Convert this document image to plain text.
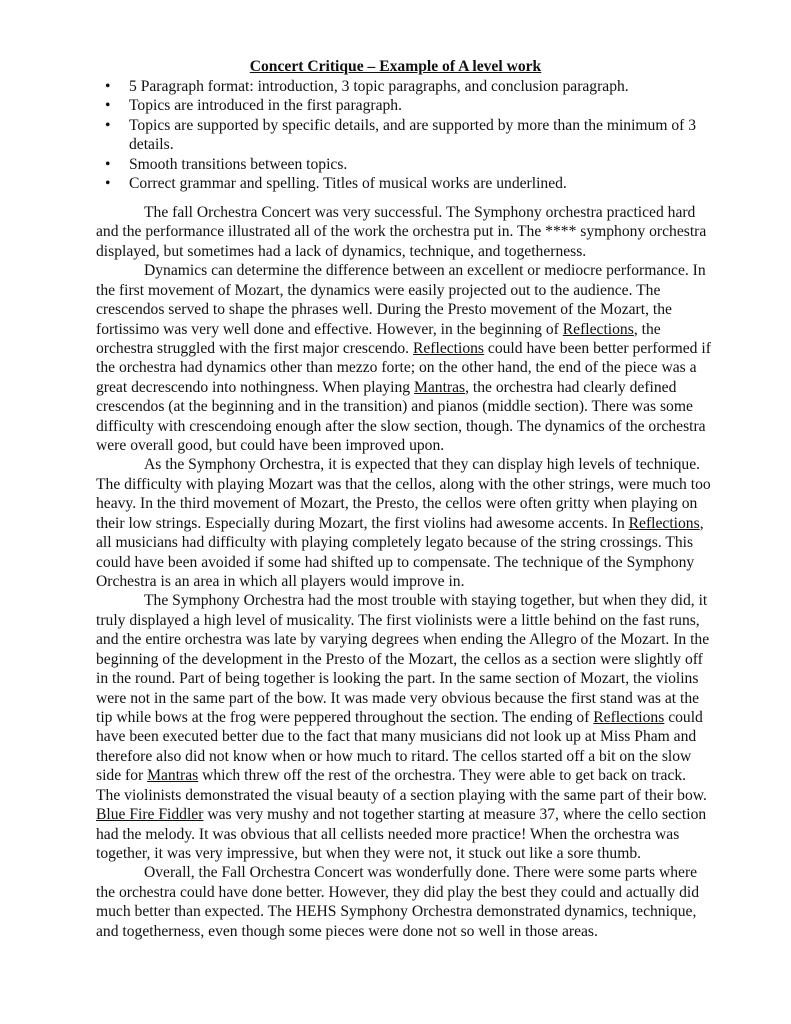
Concert Critique – Example of A level work
• 5 Paragraph format: introduction, 3 topic paragraphs, and conclusion paragraph.
• Topics are introduced in the first paragraph.
• Topics are supported by specific details, and are supported by more than the minimum of 3
details.
• Smooth transitions between topics.
• Correct grammar and spelling. Titles of musical works are underlined.
The fall Orchestra Concert was very successful. The Symphony orchestra practiced hard
and the performance illustrated all of the work the orchestra put in. The **** symphony orchestra
displayed, but sometimes had a lack of dynamics, technique, and togetherness.
Dynamics can determine the difference between an excellent or mediocre performance. In
the first movement of Mozart, the dynamics were easily projected out to the audience. The
crescendos served to shape the phrases well. During the Presto movement of the Mozart, the
fortissimo was very well done and effective. However, in the beginning of Reflections, the
orchestra struggled with the first major crescendo. Reflections could have been better performed if
the orchestra had dynamics other than mezzo forte; on the other hand, the end of the piece was a
great decrescendo into nothingness. When playing Mantras, the orchestra had clearly defined
crescendos (at the beginning and in the transition) and pianos (middle section). There was some
difficulty with crescendoing enough after the slow section, though. The dynamics of the orchestra
were overall good, but could have been improved upon.
As the Symphony Orchestra, it is expected that they can display high levels of technique.
The difficulty with playing Mozart was that the cellos, along with the other strings, were much too
heavy. In the third movement of Mozart, the Presto, the cellos were often gritty when playing on
their low strings. Especially during Mozart, the first violins had awesome accents. In Reflections,
all musicians had difficulty with playing completely legato because of the string crossings. This
could have been avoided if some had shifted up to compensate. The technique of the Symphony
Orchestra is an area in which all players would improve in.
The Symphony Orchestra had the most trouble with staying together, but when they did, it
truly displayed a high level of musicality. The first violinists were a little behind on the fast runs,
and the entire orchestra was late by varying degrees when ending the Allegro of the Mozart. In the
beginning of the development in the Presto of the Mozart, the cellos as a section were slightly off
in the round. Part of being together is looking the part. In the same section of Mozart, the violins
were not in the same part of the bow. It was made very obvious because the first stand was at the
tip while bows at the frog were peppered throughout the section. The ending of Reflections could
have been executed better due to the fact that many musicians did not look up at Miss Pham and
therefore also did not know when or how much to ritard. The cellos started off a bit on the slow
side for Mantras which threw off the rest of the orchestra. They were able to get back on track.
The violinists demonstrated the visual beauty of a section playing with the same part of their bow.
Blue Fire Fiddler was very mushy and not together starting at measure 37, where the cello section
had the melody. It was obvious that all cellists needed more practice! When the orchestra was
together, it was very impressive, but when they were not, it stuck out like a sore thumb.
Overall, the Fall Orchestra Concert was wonderfully done. There were some parts where
the orchestra could have done better. However, they did play the best they could and actually did
much better than expected. The HEHS Symphony Orchestra demonstrated dynamics, technique,
and togetherness, even though some pieces were done not so well in those areas.
